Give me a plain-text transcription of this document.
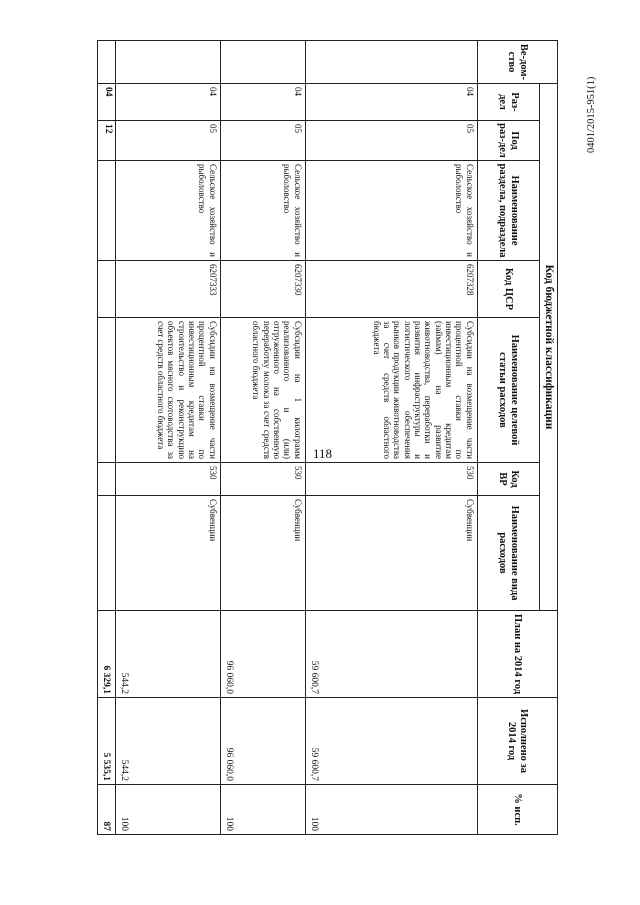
118
0401/2015-951(1)
Ве-дом-ство	Код бюджетной классификации							План на 2014 год	Исполнено за 2014 год	% исп.
	Раз-дел	Под раз-дел	Наименование раздела, подраздела	Код ЦСР	Наименование целевой статьи расходов	Код ВР	Наименование вида расходов			
	04	05	Сельское хозяйство и рыболовство	6207328	Субсидии на возмещение части процентной ставки по инвестиционным кредитам (займам) на развитие животноводства, переработки и развития инфраструктуры и логистического обеспечения рынков продукции животноводства за счет средств областного бюджета	530	Субвенции	59 600,7	59 600,7	100
	04	05	Сельское хозяйство и рыболовство	6207330	Субсидии на 1 килограмм реализованного и (или) отгруженного на собственную переработку молока за счет средств областного бюджета	530	Субвенции	96 060,0	96 060,0	100
	04	05	Сельское хозяйство и рыболовство	6207333	Субсидии на возмещение части процентной ставки по инвестиционным кредитам на строительство и реконструкцию объектов мясного скотоводства за счет средств областного бюджета	530	Субвенции	544,2	544,2	100
	04	12						6 329,1	5 535,1	87
